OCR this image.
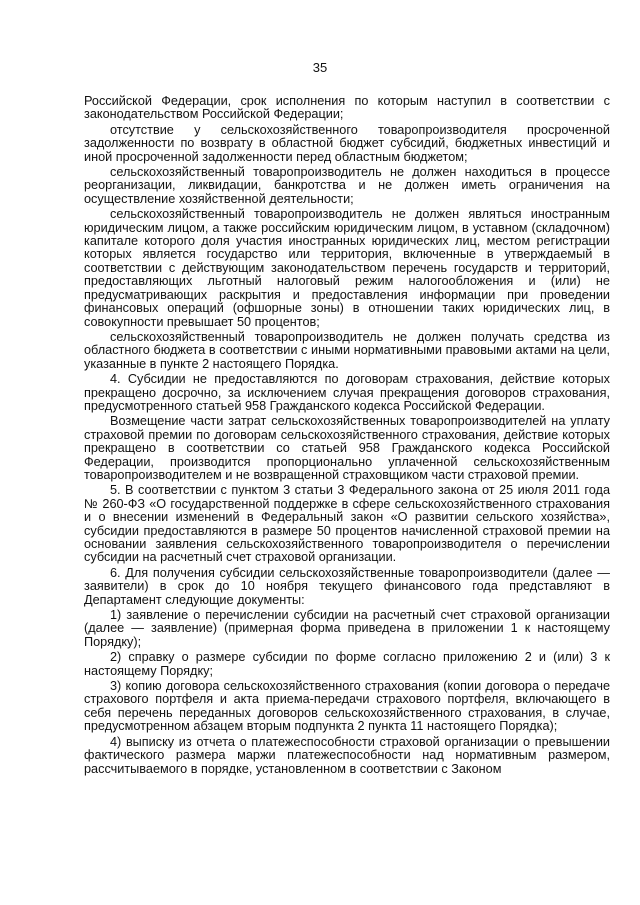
35

Российской Федерации, срок исполнения по которым наступил в соответствии с законодательством Российской Федерации;

отсутствие у сельскохозяйственного товаропроизводителя просроченной задолженности по возврату в областной бюджет субсидий, бюджетных инвестиций и иной просроченной задолженности перед областным бюджетом;

сельскохозяйственный товаропроизводитель не должен находиться в процессе реорганизации, ликвидации, банкротства и не должен иметь ограничения на осуществление хозяйственной деятельности;

сельскохозяйственный товаропроизводитель не должен являться иностранным юридическим лицом, а также российским юридическим лицом, в уставном (складочном) капитале которого доля участия иностранных юридических лиц, местом регистрации которых является государство или территория, включенные в утверждаемый в соответствии с действующим законодательством перечень государств и территорий, предоставляющих льготный налоговый режим налогообложения и (или) не предусматривающих раскрытия и предоставления информации при проведении финансовых операций (офшорные зоны) в отношении таких юридических лиц, в совокупности превышает 50 процентов;

сельскохозяйственный товаропроизводитель не должен получать средства из областного бюджета в соответствии с иными нормативными правовыми актами на цели, указанные в пункте 2 настоящего Порядка.

4. Субсидии не предоставляются по договорам страхования, действие которых прекращено досрочно, за исключением случая прекращения договоров страхования, предусмотренного статьей 958 Гражданского кодекса Российской Федерации.

Возмещение части затрат сельскохозяйственных товаропроизводителей на уплату страховой премии по договорам сельскохозяйственного страхования, действие которых прекращено в соответствии со статьей 958 Гражданского кодекса Российской Федерации, производится пропорционально уплаченной сельскохозяйственным товаропроизводителем и не возвращенной страховщиком части страховой премии.

5. В соответствии с пунктом 3 статьи 3 Федерального закона от 25 июля 2011 года № 260-ФЗ «О государственной поддержке в сфере сельскохозяйственного страхования и о внесении изменений в Федеральный закон «О развитии сельского хозяйства», субсидии предоставляются в размере 50 процентов начисленной страховой премии на основании заявления сельскохозяйственного товаропроизводителя о перечислении субсидии на расчетный счет страховой организации.

6. Для получения субсидии сельскохозяйственные товаропроизводители (далее — заявители) в срок до 10 ноября текущего финансового года представляют в Департамент следующие документы:

1) заявление о перечислении субсидии на расчетный счет страховой организации (далее — заявление) (примерная форма приведена в приложении 1 к настоящему Порядку);

2) справку о размере субсидии по форме согласно приложению 2 и (или) 3 к настоящему Порядку;

3) копию договора сельскохозяйственного страхования (копии договора о передаче страхового портфеля и акта приема-передачи страхового портфеля, включающего в себя перечень переданных договоров сельскохозяйственного страхования, в случае, предусмотренном абзацем вторым подпункта 2 пункта 11 настоящего Порядка);

4) выписку из отчета о платежеспособности страховой организации о превышении фактического размера маржи платежеспособности над нормативным размером, рассчитываемого в порядке, установленном в соответствии с Законом
